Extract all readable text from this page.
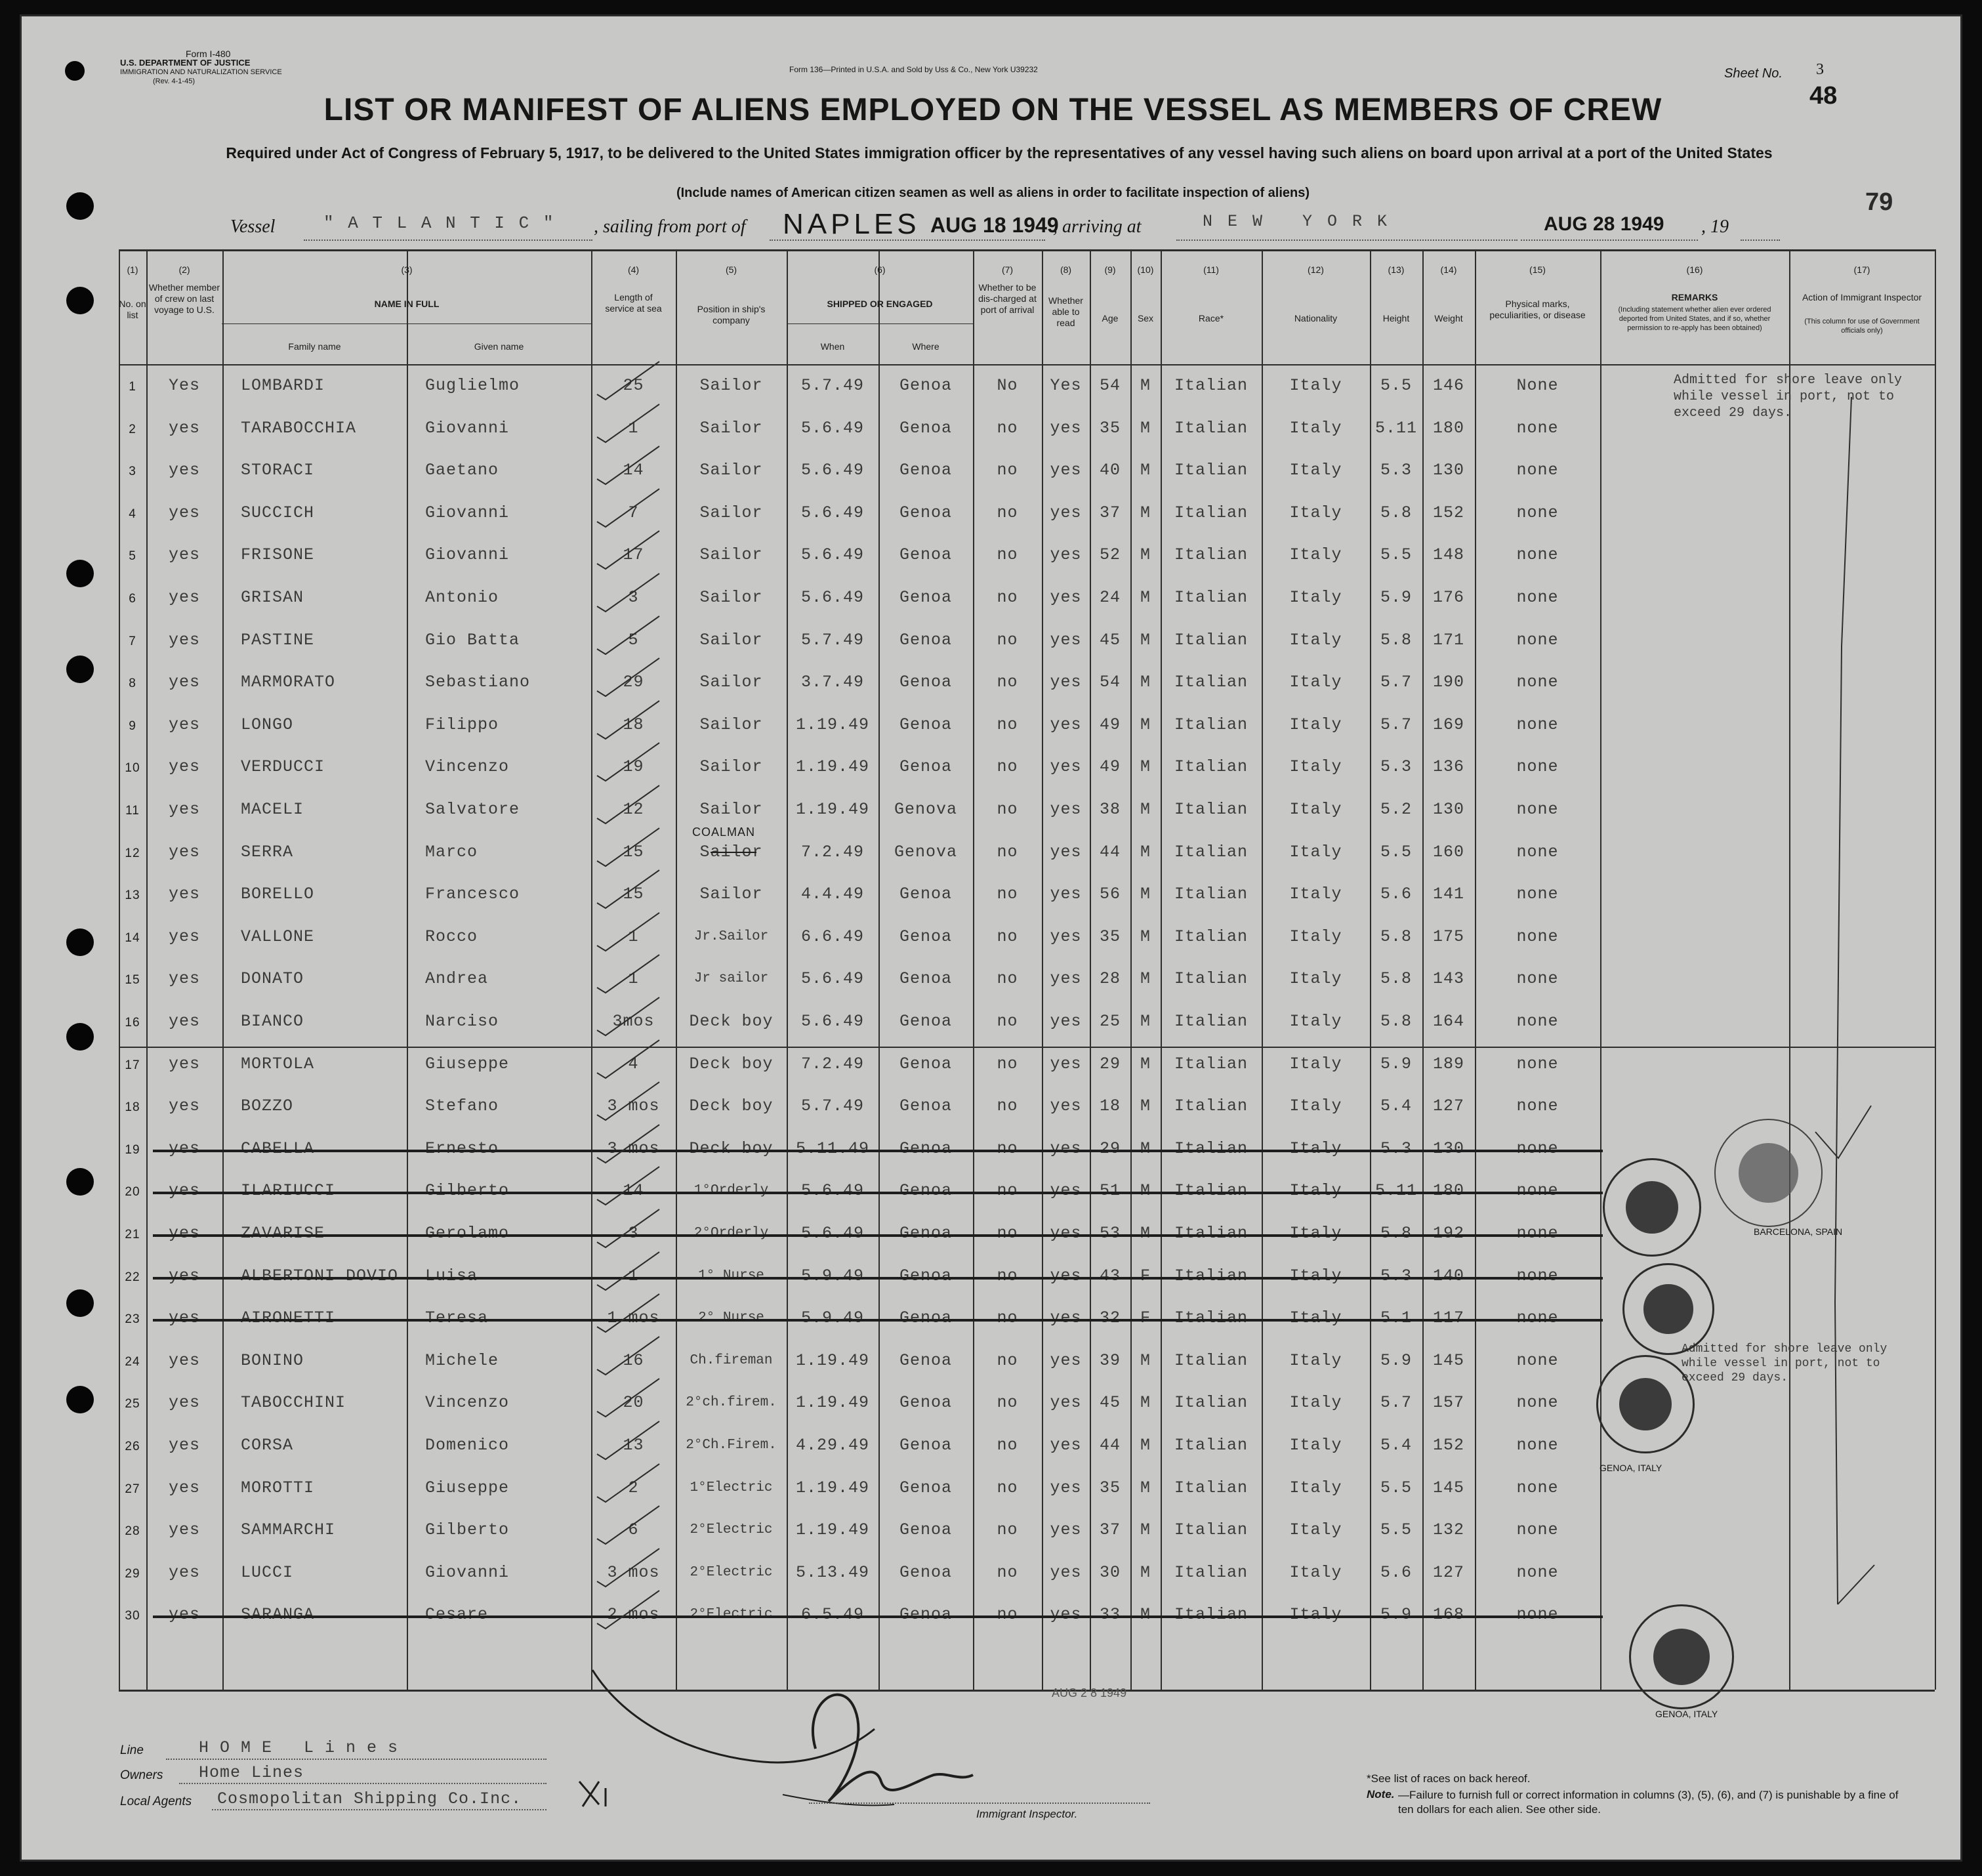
Form I-480
U.S. DEPARTMENT OF JUSTICE
IMMIGRATION AND NATURALIZATION SERVICE
(Rev. 4-1-45)
Form 136—Printed in U.S.A. and Sold by Uss & Co., New York U39232	Sheet No. 3
48
LIST OR MANIFEST OF ALIENS EMPLOYED ON THE VESSEL AS MEMBERS OF CREW
Required under Act of Congress of February 5, 1917, to be delivered to the United States immigration officer by the representatives of any vessel having such aliens on board upon arrival at a port of the United States
(Include names of American citizen seamen as well as aliens in order to facilitate inspection of aliens)	79
Vessel	" A T L A N T I C " , sailing from port of NAPLES AUG 18 1949
, arriving at	N E W   Y O R K	AUG 28 1949 , 19
(1)
No. on list
(2)
Whether member of crew on last voyage to U.S.
(3)
NAME IN FULL
Family name	Given name
(4)
Length of service at sea
(5)
Position in ship's company
(6)
SHIPPED OR ENGAGED
When	Where
(7)
Whether to be dis-charged at port of arrival
(8)
Whether able to read
(9)
Age
(10)
Sex
(11)
Race*
(12)
Nationality
(13)
Height
(14)
Weight
(15)
Physical marks, peculiarities, or disease
(16)
REMARKS
(Including statement whether alien ever ordered deported from United States, and if so, whether permission to re-apply has been obtained)
(17)
Action of Immigrant Inspector
(This column for use of Government officials only)
1	Yes	LOMBARDI	Guglielmo	25	Sailor	5.7.49	Genoa	No	Yes	54	M	Italian	Italy	5.5	146	None
2	yes	TARABOCCHIA	Giovanni	1	Sailor	5.6.49	Genoa	no	yes	35	M	Italian	Italy	5.11 180	none
3	yes	STORACI	Gaetano	14	Sailor	5.6.49	Genoa	no	yes	40	M	Italian	Italy	5.3	130	none
4	yes	SUCCICH	Giovanni	7	Sailor	5.6.49	Genoa	no	yes	37	M	Italian	Italy	5.8	152	none
5	yes	FRISONE	Giovanni	17	Sailor	5.6.49	Genoa	no	yes	52	M	Italian	Italy	5.5	148	none
6	yes	GRISAN	Antonio	3	Sailor	5.6.49	Genoa	no	yes	24	M	Italian	Italy	5.9	176	none
7	yes	PASTINE	Gio Batta	5	Sailor	5.7.49	Genoa	no	yes	45	M	Italian	Italy	5.8	171	none
8	yes	MARMORATO	Sebastiano	29	Sailor	3.7.49	Genoa	no	yes	54	M	Italian	Italy	5.7	190	none
9	yes	LONGO	Filippo	18	Sailor	1.19.49	Genoa	no	yes	49	M	Italian	Italy	5.7	169	none
10	yes	VERDUCCI	Vincenzo	19	Sailor	1.19.49	Genoa	no	yes	49	M	Italian	Italy	5.3	136	none
11	yes	MACELI	Salvatore	12	Sailor	1.19.49	Genova	no	yes	38	M	Italian	Italy	5.2	130	none
12	yes	SERRA	Marco	15	Sailor	7.2.49	Genova	no	yes	44	M	Italian	Italy	5.5	160	none
COALMAN
13	yes	BORELLO	Francesco	15	Sailor	4.4.49	Genoa	no	yes	56	M	Italian	Italy	5.6	141	none
14	yes	VALLONE	Rocco	1	Jr.Sailor	6.6.49	Genoa	no	yes	35	M	Italian	Italy	5.8	175	none
15	yes	DONATO	Andrea	1	Jr sailor	5.6.49	Genoa	no	yes	28	M	Italian	Italy	5.8	143	none
16	yes	BIANCO	Narciso	3mos	Deck boy	5.6.49	Genoa	no	yes	25	M	Italian	Italy	5.8	164	none
17	yes	MORTOLA	Giuseppe	4	Deck boy	7.2.49	Genoa	no	yes	29	M	Italian	Italy	5.9	189	none
18	yes	BOZZO	Stefano	3 mos	Deck boy	5.7.49	Genoa	no	yes	18	M	Italian	Italy	5.4	127	none
19	yes	CABELLA	Ernesto	3 mos	Deck boy	5.11.49	Genoa	no	yes	29	M	Italian	Italy	5.3	130	none
20	yes	ILARIUCCI	Gilberto	14	1°Orderly	5.6.49	Genoa	no	yes	51	M	Italian	Italy	5.11 180	none
21	yes	ZAVARISE	Gerolamo	3	2°Orderly	5.6.49	Genoa	no	yes	53	M	Italian	Italy	5.8	192	none
22	yes	ALBERTONI DOVIO	Luisa	1	1° Nurse	5.9.49	Genoa	no	yes	43	F	Italian	Italy	5.3	140	none
23	yes	AIRONETTI	Teresa	1 mos	2° Nurse	5.9.49	Genoa	no	yes	32	F	Italian	Italy	5.1	117	none
24	yes	BONINO	Michele	16	Ch.fireman	1.19.49	Genoa	no	yes	39	M	Italian	Italy	5.9	145	none
25	yes	TABOCCHINI	Vincenzo	20	2°ch.firem.	1.19.49	Genoa	no	yes	45	M	Italian	Italy	5.7	157	none
26	yes	CORSA	Domenico	13	2°Ch.Firem.	4.29.49	Genoa	no	yes	44	M	Italian	Italy	5.4	152	none
27	yes	MOROTTI	Giuseppe	2	1°Electric	1.19.49	Genoa	no	yes	35	M	Italian	Italy	5.5	145	none
28	yes	SAMMARCHI	Gilberto	6	2°Electric	1.19.49	Genoa	no	yes	37	M	Italian	Italy	5.5	132	none
29	yes	LUCCI	Giovanni	3 mos	2°Electric	5.13.49	Genoa	no	yes	30	M	Italian	Italy	5.6	127	none
30	yes	SARANGA	Cesare	2 mos	2°Electric	6.5.49	Genoa	no	yes	33	M	Italian	Italy	5.9	168	none
Admitted for shore leave only while vessel in port, not to exceed 29 days.
Admitted for shore leave only while vessel in port, not to exceed 29 days.
GENOA, ITALY
GENOA, ITALY
BARCELONA, SPAIN
AUG 2 8 1949
Line	H O M E   L i n e s
Owners Home Lines
Local Agents Cosmopolitan Shipping Co.Inc.
Immigrant Inspector.
*See list of races on back hereof.
Note. —Failure to furnish full or correct information in columns (3), (5), (6), and (7) is punishable by a fine of ten dollars for each alien. See other side.
